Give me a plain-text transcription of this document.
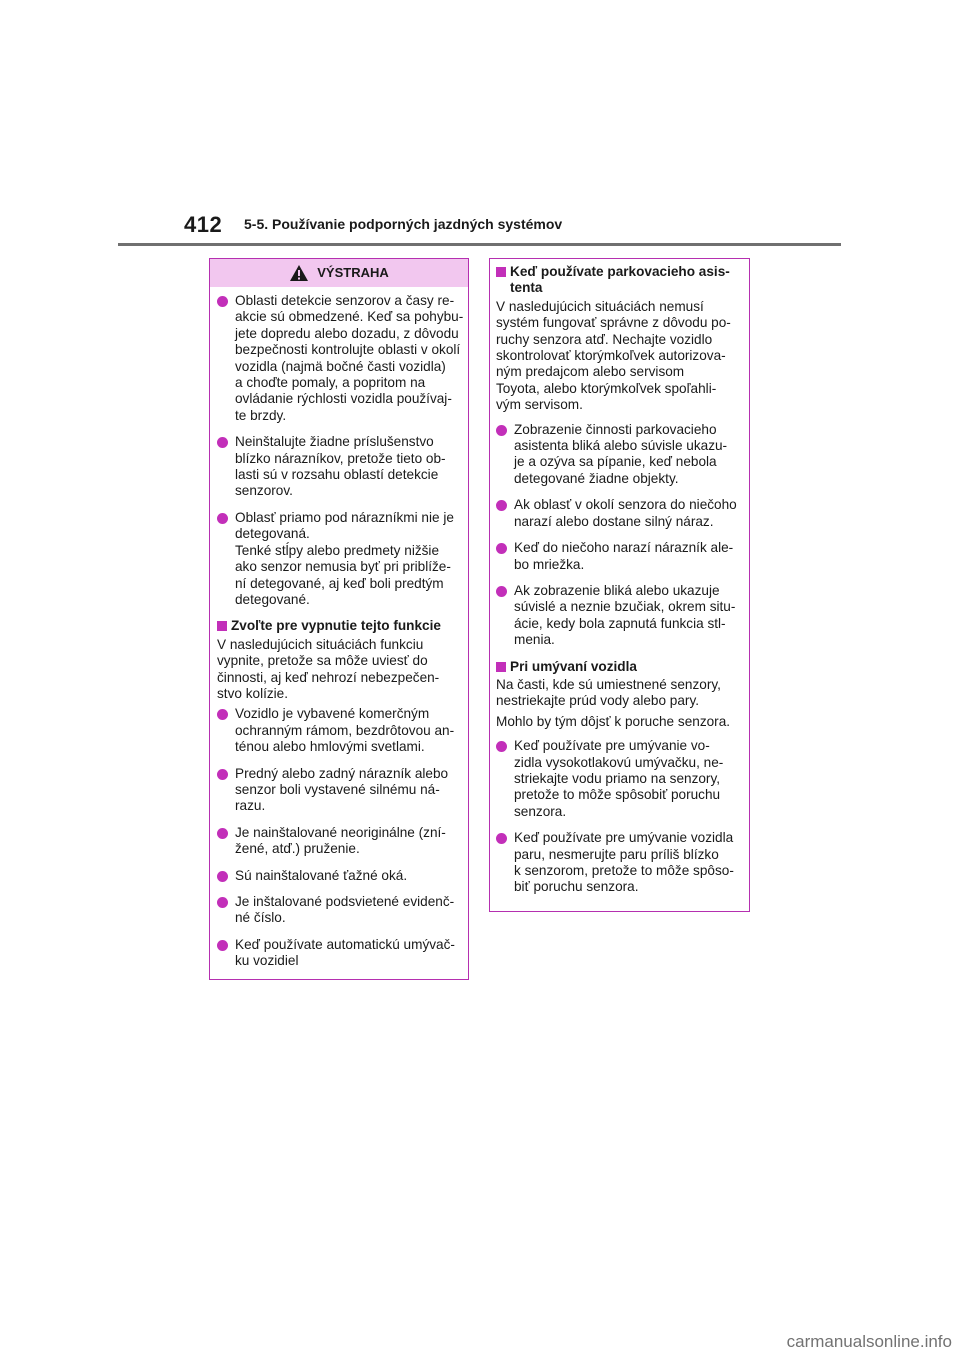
412 5-5. Používanie podporných jazdných systémov
VÝSTRAHA
Oblasti detekcie senzorov a časy re-
akcie sú obmedzené. Keď sa pohybu-
jete dopredu alebo dozadu, z dôvodu
bezpečnosti kontrolujte oblasti v okolí
vozidla (najmä bočné časti vozidla)
a choďte pomaly, a popritom na
ovládanie rýchlosti vozidla používaj-
te brzdy.
Neinštalujte žiadne príslušenstvo
blízko nárazníkov, pretože tieto ob-
lasti sú v rozsahu oblastí detekcie
senzorov.
Oblasť priamo pod nárazníkmi nie je
detegovaná.
Tenké stĺpy alebo predmety nižšie
ako senzor nemusia byť pri priblíže-
ní detegované, aj keď boli predtým
detegované.
Zvoľte pre vypnutie tejto funkcie
V nasledujúcich situáciách funkciu
vypnite, pretože sa môže uviesť do
činnosti, aj keď nehrozí nebezpečen-
stvo kolízie.
Vozidlo je vybavené komerčným
ochranným rámom, bezdrôtovou an-
ténou alebo hmlovými svetlami.
Predný alebo zadný nárazník alebo
senzor boli vystavené silnému ná-
razu.
Je nainštalované neoriginálne (zní-
žené, atď.) pruženie.
Sú nainštalované ťažné oká.
Je inštalované podsvietené evidenč-
né číslo.
Keď používate automatickú umývač-
ku vozidiel
Keď používate parkovacieho asis-
tenta
V nasledujúcich situáciách nemusí
systém fungovať správne z dôvodu po-
ruchy senzora atď. Nechajte vozidlo
skontrolovať ktorýmkoľvek autorizova-
ným predajcom alebo servisom
Toyota, alebo ktorýmkoľvek spoľahli-
vým servisom.
Zobrazenie činnosti parkovacieho
asistenta bliká alebo súvisle ukazu-
je a ozýva sa pípanie, keď nebola
detegované žiadne objekty.
Ak oblasť v okolí senzora do niečoho
narazí alebo dostane silný náraz.
Keď do niečoho narazí nárazník ale-
bo mriežka.
Ak zobrazenie bliká alebo ukazuje
súvislé a neznie bzučiak, okrem situ-
ácie, kedy bola zapnutá funkcia stl-
menia.
Pri umývaní vozidla
Na časti, kde sú umiestnené senzory,
nestriekajte prúd vody alebo pary.
Mohlo by tým dôjsť k poruche senzora.
Keď používate pre umývanie vo-
zidla vysokotlakovú umývačku, ne-
striekajte vodu priamo na senzory,
pretože to môže spôsobiť poruchu
senzora.
Keď používate pre umývanie vozidla
paru, nesmerujte paru príliš blízko
k senzorom, pretože to môže spôso-
biť poruchu senzora.
carmanualsonline.info
